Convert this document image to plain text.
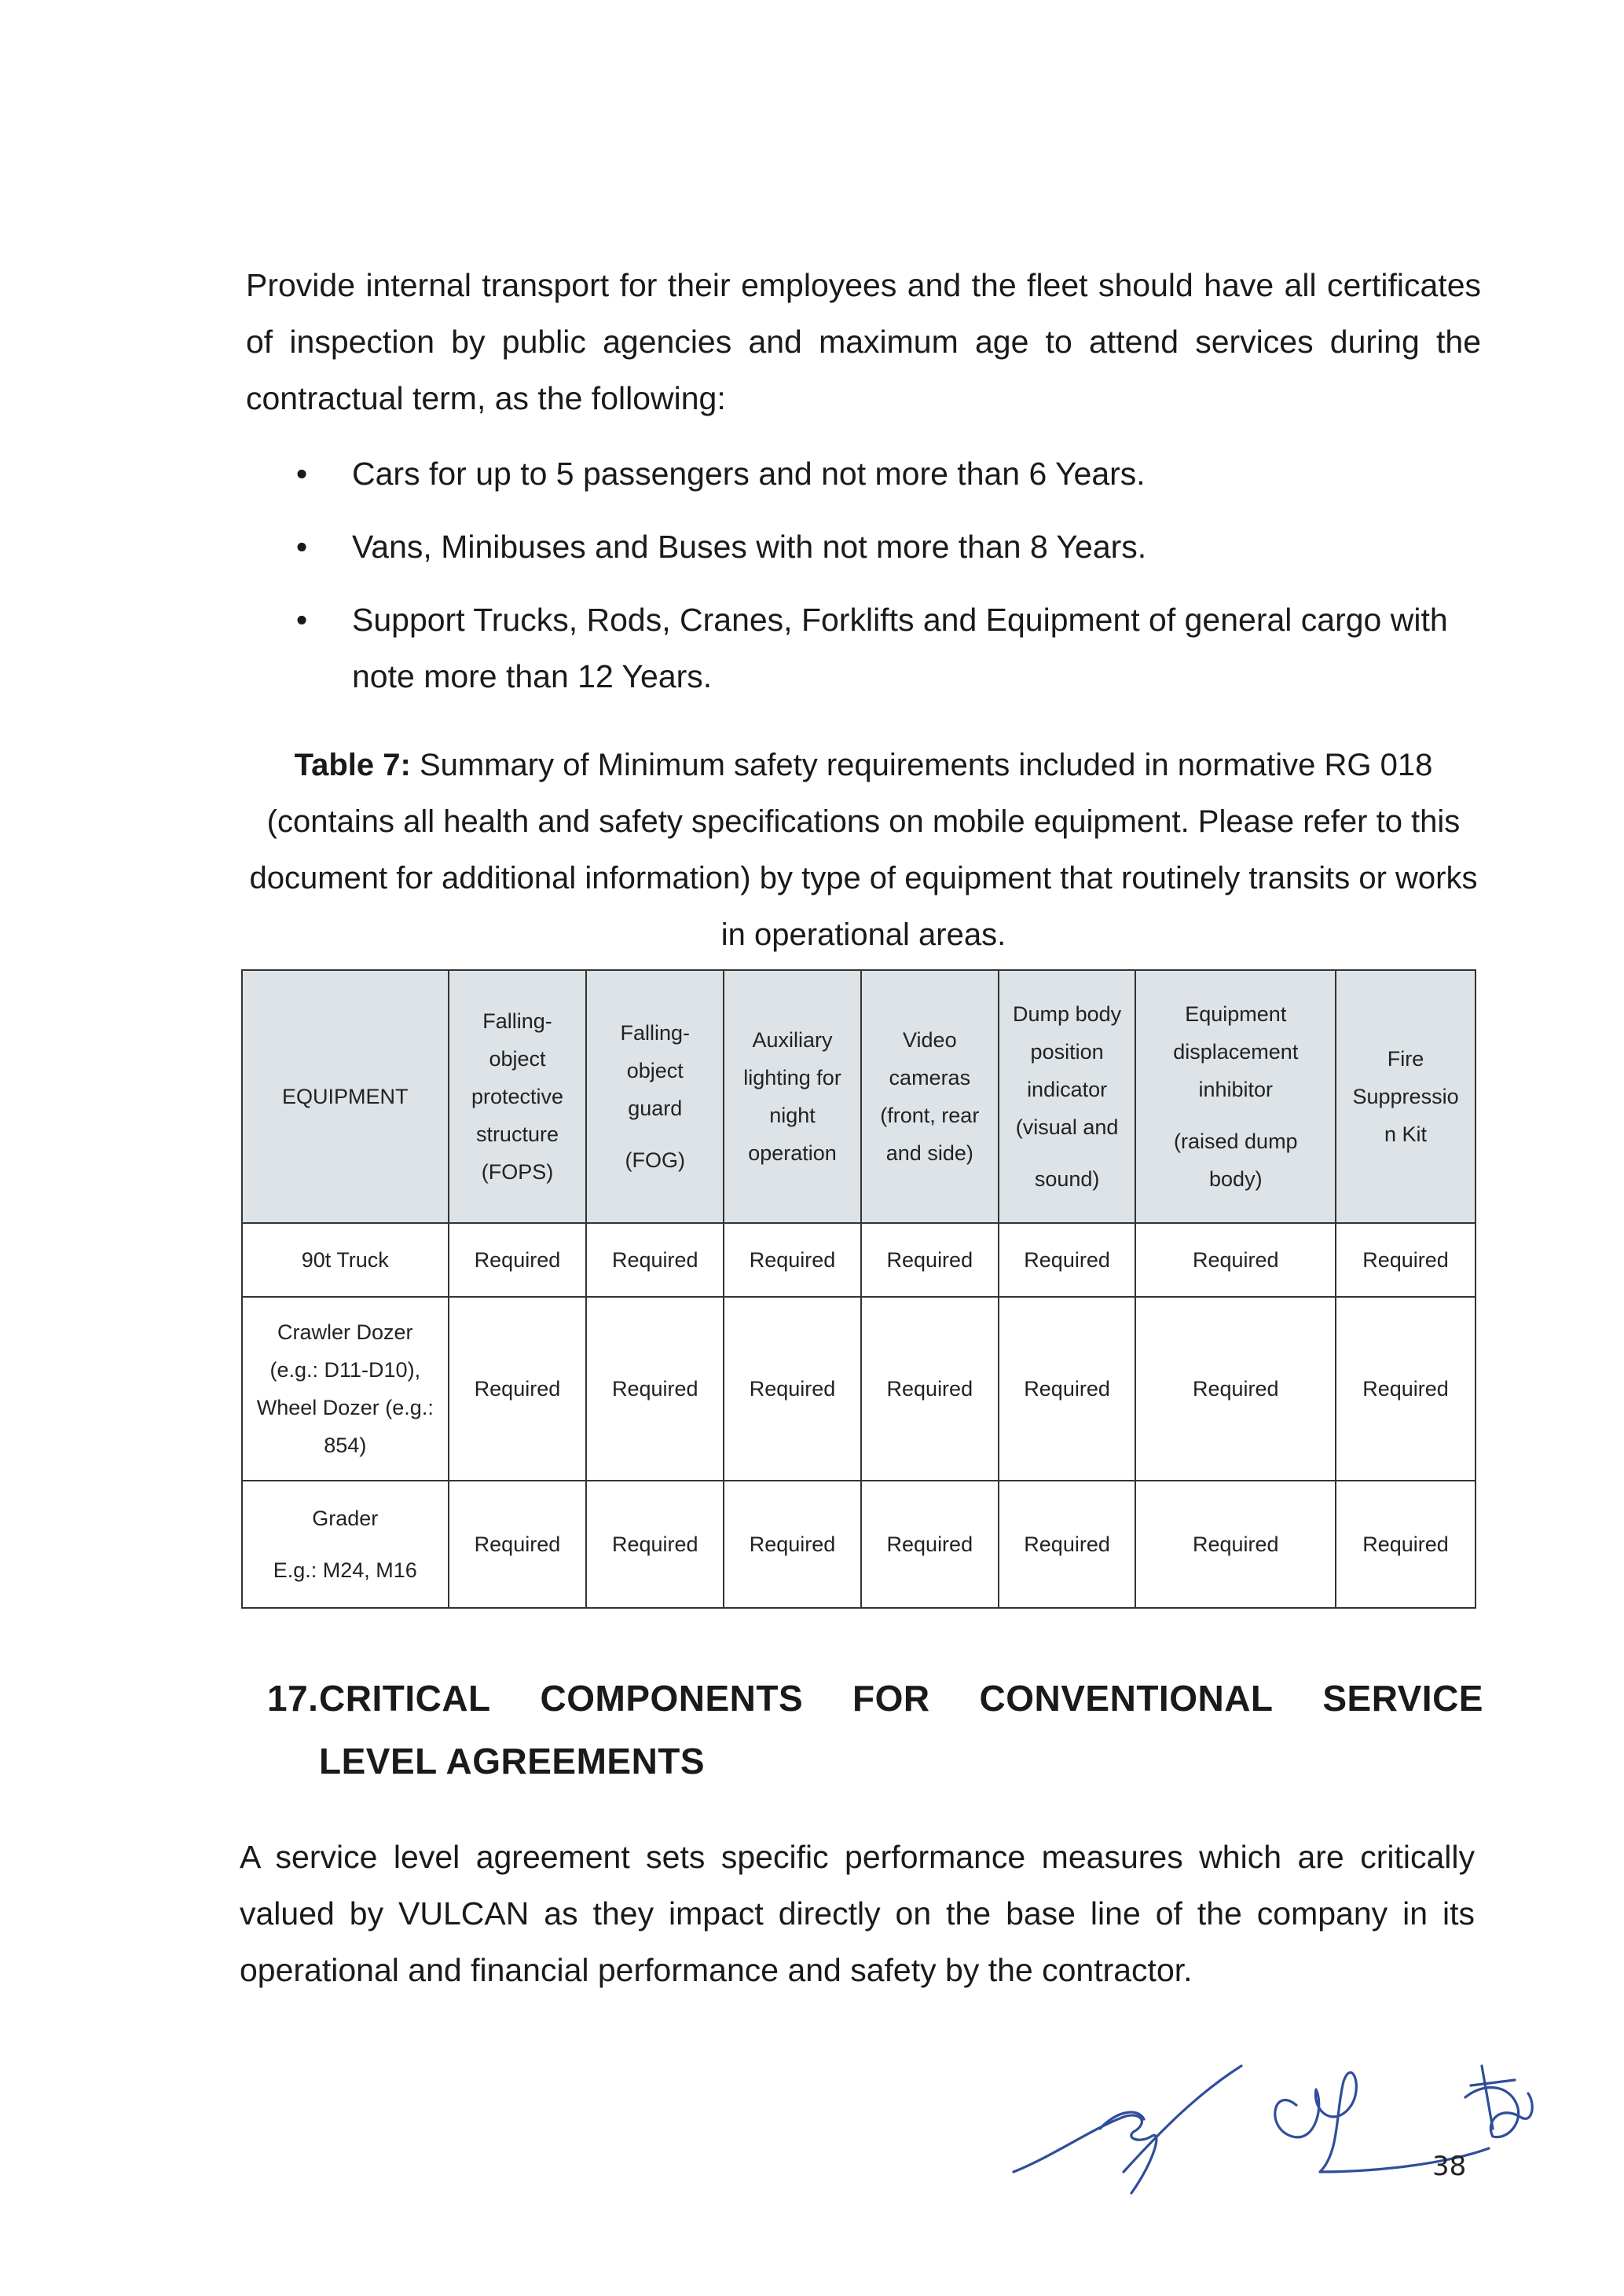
Provide internal transport for their employees and the fleet should have all certificates of inspection by public agencies and maximum age to attend services during the contractual term, as the following:

• Cars for up to 5 passengers and not more than 6 Years.
• Vans, Minibuses and Buses with not more than 8 Years.
• Support Trucks, Rods, Cranes, Forklifts and Equipment of general cargo with note more than 12 Years.

Table 7: Summary of Minimum safety requirements included in normative RG 018 (contains all health and safety specifications on mobile equipment. Please refer to this document for additional information) by type of equipment that routinely transits or works in operational areas.

EQUIPMENT	Falling-
object
protective
structure
(FOPS)	Falling-
object
guard
(FOG)	Auxiliary
lighting for
night
operation	Video
cameras
(front, rear
and side)	Dump body
position
indicator
(visual and
sound)	Equipment
displacement
inhibitor
(raised dump
body)	Fire
Suppressio
n Kit

90t Truck	Required	Required	Required	Required	Required	Required	Required

Crawler Dozer
(e.g.: D11-D10),
Wheel Dozer (e.g.:
854)	Required	Required	Required	Required	Required	Required	Required

Grader
E.g.: M24, M16	Required	Required	Required	Required	Required	Required	Required
17.CRITICAL COMPONENTS FOR CONVENTIONAL SERVICE
LEVEL AGREEMENTS

A service level agreement sets specific performance measures which are critically valued by VULCAN as they impact directly on the base line of the company in its operational and financial performance and safety by the contractor.

38
